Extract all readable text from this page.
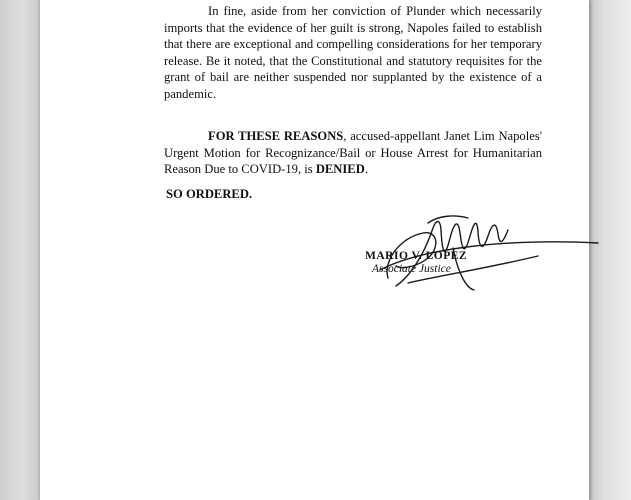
In fine, aside from her conviction of Plunder which necessarily imports that the evidence of her guilt is strong, Napoles failed to establish that there are exceptional and compelling considerations for her temporary release. Be it noted, that the Constitutional and statutory requisites for the grant of bail are neither suspended nor supplanted by the existence of a pandemic.

FOR THESE REASONS, accused-appellant Janet Lim Napoles' Urgent Motion for Recognizance/Bail or House Arrest for Humanitarian Reason Due to COVID-19, is DENIED.

SO ORDERED.

MARIO V. LOPEZ
Associate Justice
